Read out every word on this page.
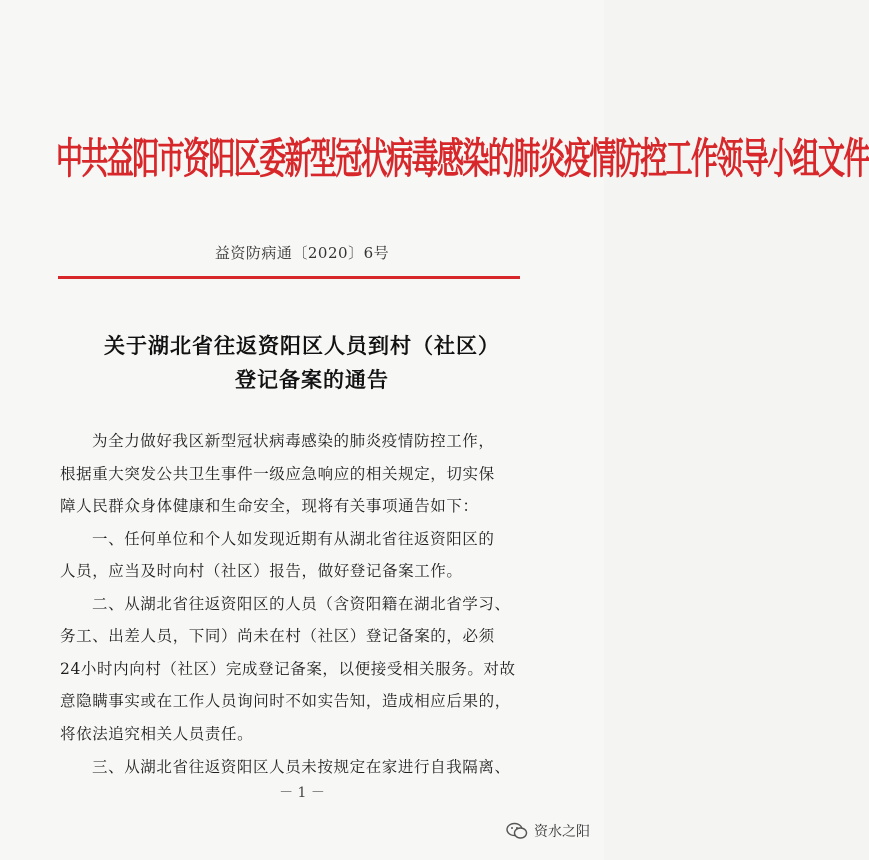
中共益阳市资阳区委新型冠状病毒感染的肺炎疫情防控工作领导小组文件
益资防病通〔2020〕6号
关于湖北省往返资阳区人员到村（社区）
登记备案的通告
为全力做好我区新型冠状病毒感染的肺炎疫情防控工作，
根据重大突发公共卫生事件一级应急响应的相关规定，切实保
障人民群众身体健康和生命安全，现将有关事项通告如下：
一、任何单位和个人如发现近期有从湖北省往返资阳区的
人员，应当及时向村（社区）报告，做好登记备案工作。
二、从湖北省往返资阳区的人员（含资阳籍在湖北省学习、
务工、出差人员，下同）尚未在村（社区）登记备案的，必须
24小时内向村（社区）完成登记备案，以便接受相关服务。对故
意隐瞒事实或在工作人员询问时不如实告知，造成相应后果的，
将依法追究相关人员责任。
三、从湖北省往返资阳区人员未按规定在家进行自我隔离、
－ 1 －
资水之阳
